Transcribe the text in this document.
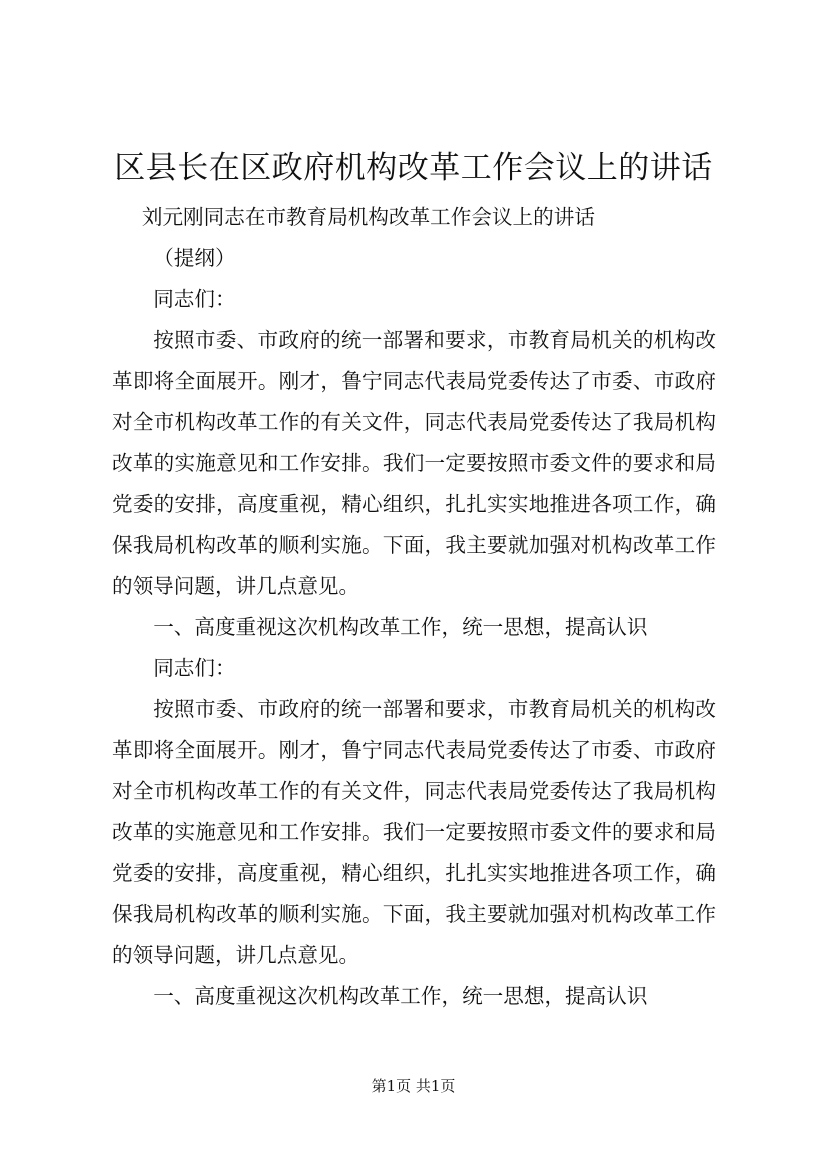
区县长在区政府机构改革工作会议上的讲话

刘元刚同志在市教育局机构改革工作会议上的讲话

（提纲）

同志们：

按照市委、市政府的统一部署和要求，市教育局机关的机构改革即将全面展开。刚才，鲁宁同志代表局党委传达了市委、市政府对全市机构改革工作的有关文件，同志代表局党委传达了我局机构改革的实施意见和工作安排。我们一定要按照市委文件的要求和局党委的安排，高度重视，精心组织，扎扎实实地推进各项工作，确保我局机构改革的顺利实施。下面，我主要就加强对机构改革工作的领导问题，讲几点意见。

一、高度重视这次机构改革工作，统一思想，提高认识

同志们：

按照市委、市政府的统一部署和要求，市教育局机关的机构改革即将全面展开。刚才，鲁宁同志代表局党委传达了市委、市政府对全市机构改革工作的有关文件，同志代表局党委传达了我局机构改革的实施意见和工作安排。我们一定要按照市委文件的要求和局党委的安排，高度重视，精心组织，扎扎实实地推进各项工作，确保我局机构改革的顺利实施。下面，我主要就加强对机构改革工作的领导问题，讲几点意见。

一、高度重视这次机构改革工作，统一思想，提高认识

第1页 共1页
